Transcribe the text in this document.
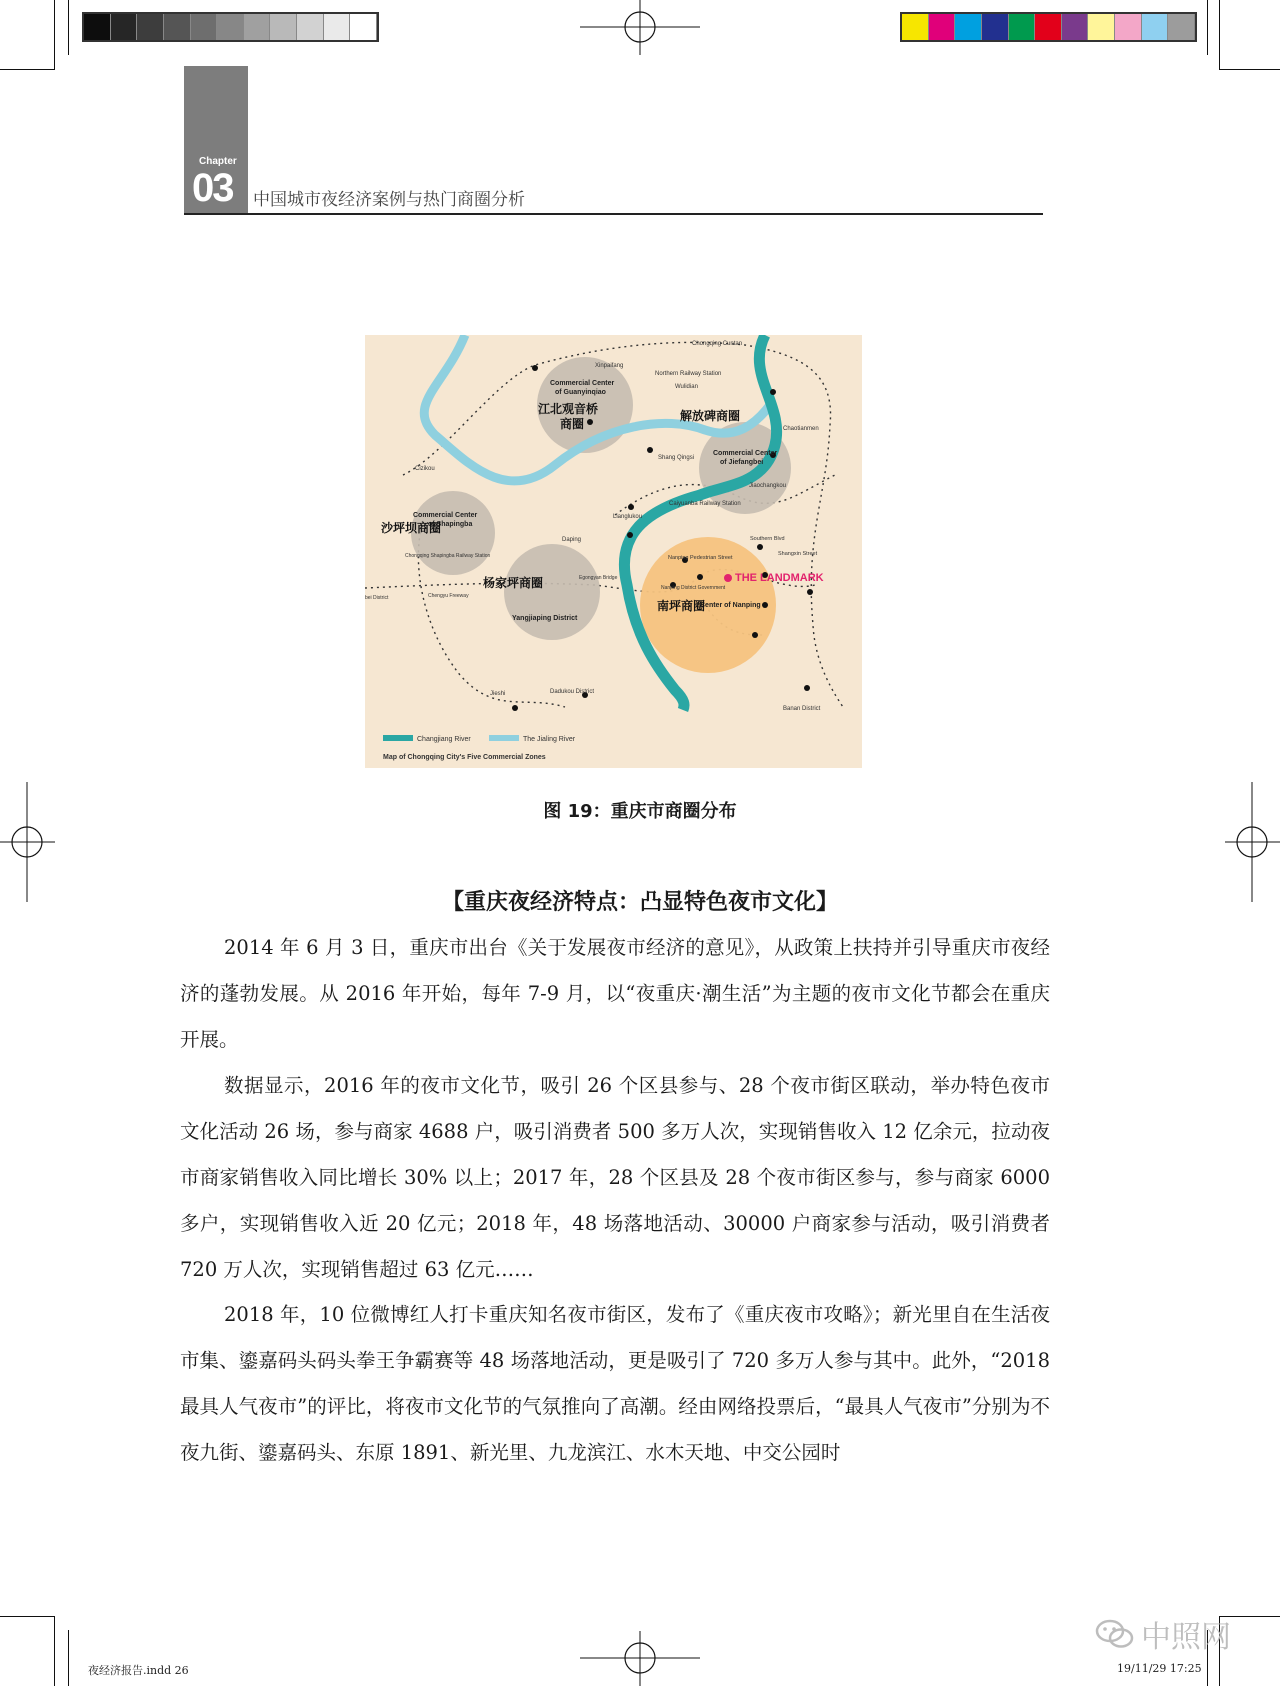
Chapter
03 中国城市夜经济案例与热门商圈分析
Changjiang River	The Jialing River
Map of Chongqing City's Five Commercial Zones
Chongqing Cuntan
Xinpaifang
Northern Railway Station
Wulidian
Caiyuanba Railway Station
Lianglukou
Daping
Shang Qingsi
Jiaochangkou
Chaotianmen
Cizikou
Chongqing Shapingba Railway Station
Chengyu Freeway
Jieshi	Dadukou District
Banan District
bei District
Nanping Pedestrian Street
Nanping District Government
Southern Blvd
Shangxin Street
Egongyan Bridge
Commercial Center
of Guanyinqiao
Commercial Center
of Jiefangbei
Commercial Center
of Shapingba
Yangjiaping District
Center of Nanping
江北观音桥
商圈
解放碑商圈
沙坪坝商圈
杨家坪商圈
南坪商圈
THE LANDMARK
图 19：重庆市商圈分布
【重庆夜经济特点：凸显特色夜市文化】

2014 年 6 月 3 日，重庆市出台《关于发展夜市经济的意见》，从政策上扶持并引导重庆市夜经济的蓬勃发展。从 2016 年开始，每年 7-9 月，以“夜重庆·潮生活”为主题的夜市文化节都会在重庆开展。

数据显示，2016 年的夜市文化节，吸引 26 个区县参与、28 个夜市街区联动，举办特色夜市文化活动 26 场，参与商家 4688 户，吸引消费者 500 多万人次，实现销售收入 12 亿余元，拉动夜市商家销售收入同比增长 30% 以上；2017 年，28 个区县及 28 个夜市街区参与，参与商家 6000 多户，实现销售收入近 20 亿元；2018 年，48 场落地活动、30000 户商家参与活动，吸引消费者 720 万人次，实现销售超过 63 亿元……

2018 年，10 位微博红人打卡重庆知名夜市街区，发布了《重庆夜市攻略》；新光里自在生活夜市集、鎏嘉码头码头拳王争霸赛等 48 场落地活动，更是吸引了 720 多万人参与其中。此外，“2018 最具人气夜市”的评比，将夜市文化节的气氛推向了高潮。经由网络投票后，“最具人气夜市”分别为不夜九街、鎏嘉码头、东原 1891、新光里、九龙滨江、水木天地、中交公园时

夜经济报告.indd 26	19/11/29 17:25
中照网
